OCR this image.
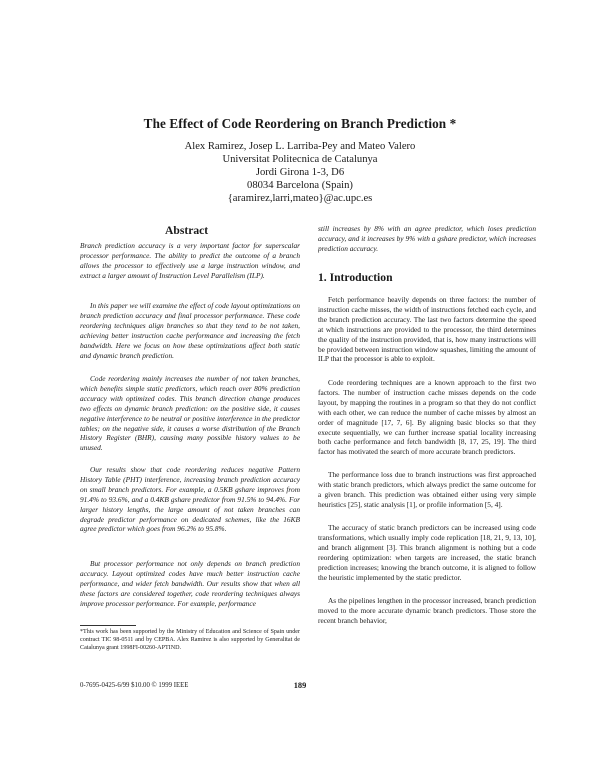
The Effect of Code Reordering on Branch Prediction *
Alex Ramirez, Josep L. Larriba-Pey and Mateo Valero
Universitat Politecnica de Catalunya
Jordi Girona 1-3, D6
08034 Barcelona (Spain)
{aramirez,larri,mateo}@ac.upc.es
Abstract
Branch prediction accuracy is a very important factor for superscalar processor performance. The ability to predict the outcome of a branch allows the processor to effectively use a large instruction window, and extract a larger amount of Instruction Level Parallelism (ILP).
In this paper we will examine the effect of code layout optimizations on branch prediction accuracy and final processor performance. These code reordering techniques align branches so that they tend to be not taken, achieving better instruction cache performance and increasing the fetch bandwidth. Here we focus on how these optimizations affect both static and dynamic branch prediction.
Code reordering mainly increases the number of not taken branches, which benefits simple static predictors, which reach over 80% prediction accuracy with optimized codes. This branch direction change produces two effects on dynamic branch prediction: on the positive side, it causes negative interference to be neutral or positive interference in the predictor tables; on the negative side, it causes a worse distribution of the Branch History Register (BHR), causing many possible history values to be unused.
Our results show that code reordering reduces negative Pattern History Table (PHT) interference, increasing branch prediction accuracy on small branch predictors. For example, a 0.5KB gshare improves from 91.4% to 93.6%, and a 0.4KB gshare predictor from 91.5% to 94.4%. For larger history lengths, the large amount of not taken branches can degrade predictor performance on dedicated schemes, like the 16KB agree predictor which goes from 96.2% to 95.8%.
But processor performance not only depends on branch prediction accuracy. Layout optimized codes have much better instruction cache performance, and wider fetch bandwidth. Our results show that when all these factors are considered together, code reordering techniques always improve processor performance. For example, performance
*This work has been supported by the Ministry of Education and Science of Spain under contract TIC 98-0511 and by CEPBA. Alex Ramirez is also supported by Generalitat de Catalunya grant 1998FI-00260-APTIND.
still increases by 8% with an agree predictor, which loses prediction accuracy, and it increases by 9% with a gshare predictor, which increases prediction accuracy.
1. Introduction
Fetch performance heavily depends on three factors: the number of instruction cache misses, the width of instructions fetched each cycle, and the branch prediction accuracy. The last two factors determine the speed at which instructions are provided to the processor, the third determines the quality of the instruction provided, that is, how many instructions will be provided between instruction window squashes, limiting the amount of ILP that the processor is able to exploit.
Code reordering techniques are a known approach to the first two factors. The number of instruction cache misses depends on the code layout, by mapping the routines in a program so that they do not conflict with each other, we can reduce the number of cache misses by almost an order of magnitude [17, 7, 6]. By aligning basic blocks so that they execute sequentially, we can further increase spatial locality increasing both cache performance and fetch bandwidth [8, 17, 25, 19]. The third factor has motivated the search of more accurate branch predictors.
The performance loss due to branch instructions was first approached with static branch predictors, which always predict the same outcome for a given branch. This prediction was obtained either using very simple heuristics [25], static analysis [1], or profile information [5, 4].
The accuracy of static branch predictors can be increased using code transformations, which usually imply code replication [18, 21, 9, 13, 10], and branch alignment [3]. This branch alignment is nothing but a code reordering optimization: when targets are increased, the static branch prediction increases; knowing the branch outcome, it is aligned to follow the heuristic implemented by the static predictor.
As the pipelines lengthen in the processor increased, branch prediction moved to the more accurate dynamic branch predictors. Those store the recent branch behavior,
0-7695-0425-6/99 $10.00 © 1999 IEEE	189
